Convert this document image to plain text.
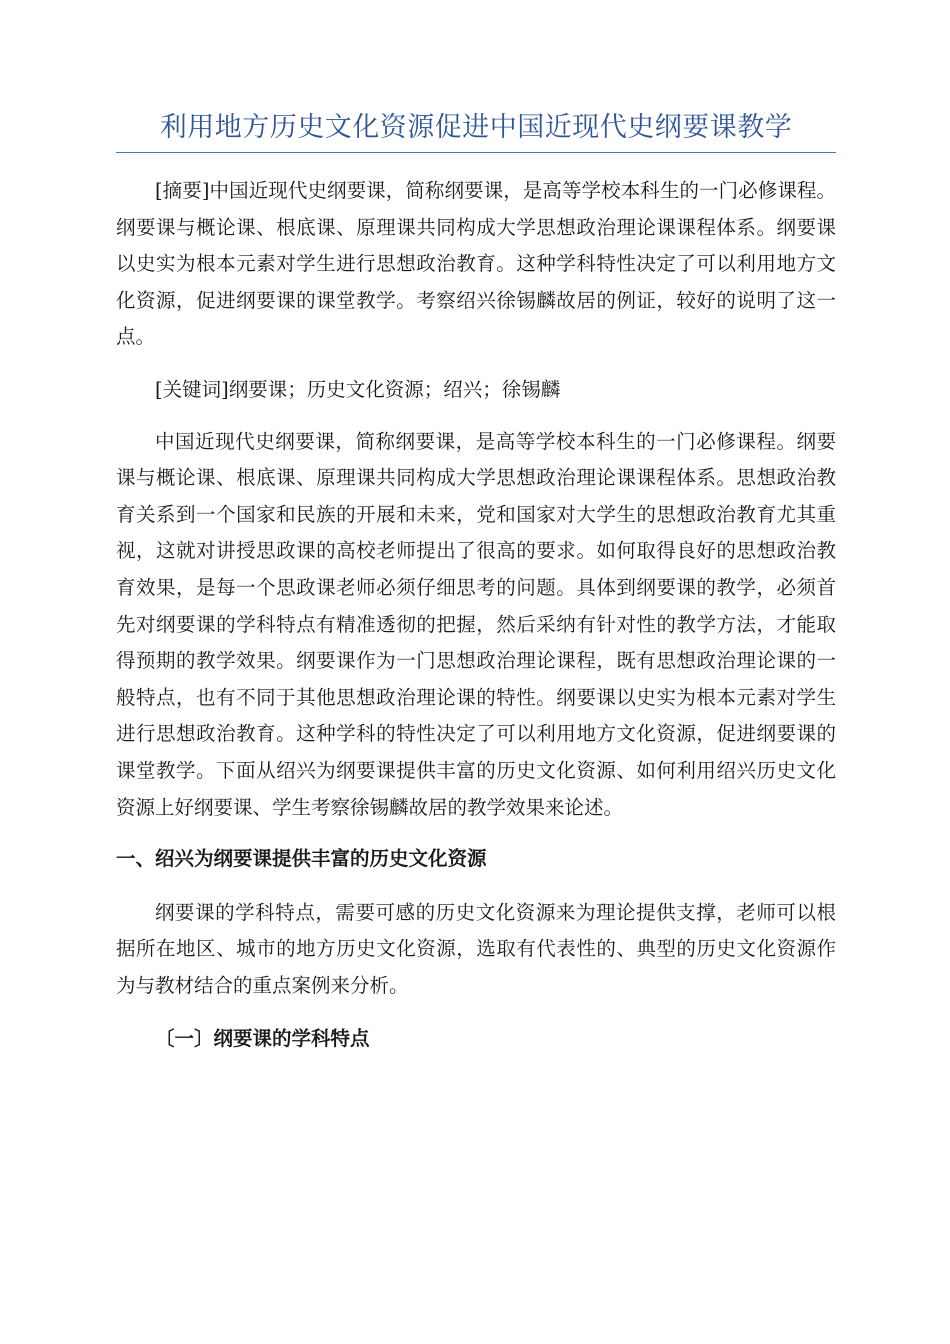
利用地方历史文化资源促进中国近现代史纲要课教学

[摘要]中国近现代史纲要课，简称纲要课，是高等学校本科生的一门必修课程。纲要课与概论课、根底课、原理课共同构成大学思想政治理论课课程体系。纲要课以史实为根本元素对学生进行思想政治教育。这种学科特性决定了可以利用地方文化资源，促进纲要课的课堂教学。考察绍兴徐锡麟故居的例证，较好的说明了这一点。

[关键词]纲要课；历史文化资源；绍兴；徐锡麟

中国近现代史纲要课，简称纲要课，是高等学校本科生的一门必修课程。纲要课与概论课、根底课、原理课共同构成大学思想政治理论课课程体系。思想政治教育关系到一个国家和民族的开展和未来，党和国家对大学生的思想政治教育尤其重视，这就对讲授思政课的高校老师提出了很高的要求。如何取得良好的思想政治教育效果，是每一个思政课老师必须仔细思考的问题。具体到纲要课的教学，必须首先对纲要课的学科特点有精准透彻的把握，然后采纳有针对性的教学方法，才能取得预期的教学效果。纲要课作为一门思想政治理论课程，既有思想政治理论课的一般特点，也有不同于其他思想政治理论课的特性。纲要课以史实为根本元素对学生进行思想政治教育。这种学科的特性决定了可以利用地方文化资源，促进纲要课的课堂教学。下面从绍兴为纲要课提供丰富的历史文化资源、如何利用绍兴历史文化资源上好纲要课、学生考察徐锡麟故居的教学效果来论述。

一、绍兴为纲要课提供丰富的历史文化资源

纲要课的学科特点，需要可感的历史文化资源来为理论提供支撑，老师可以根据所在地区、城市的地方历史文化资源，选取有代表性的、典型的历史文化资源作为与教材结合的重点案例来分析。

〔一〕纲要课的学科特点
